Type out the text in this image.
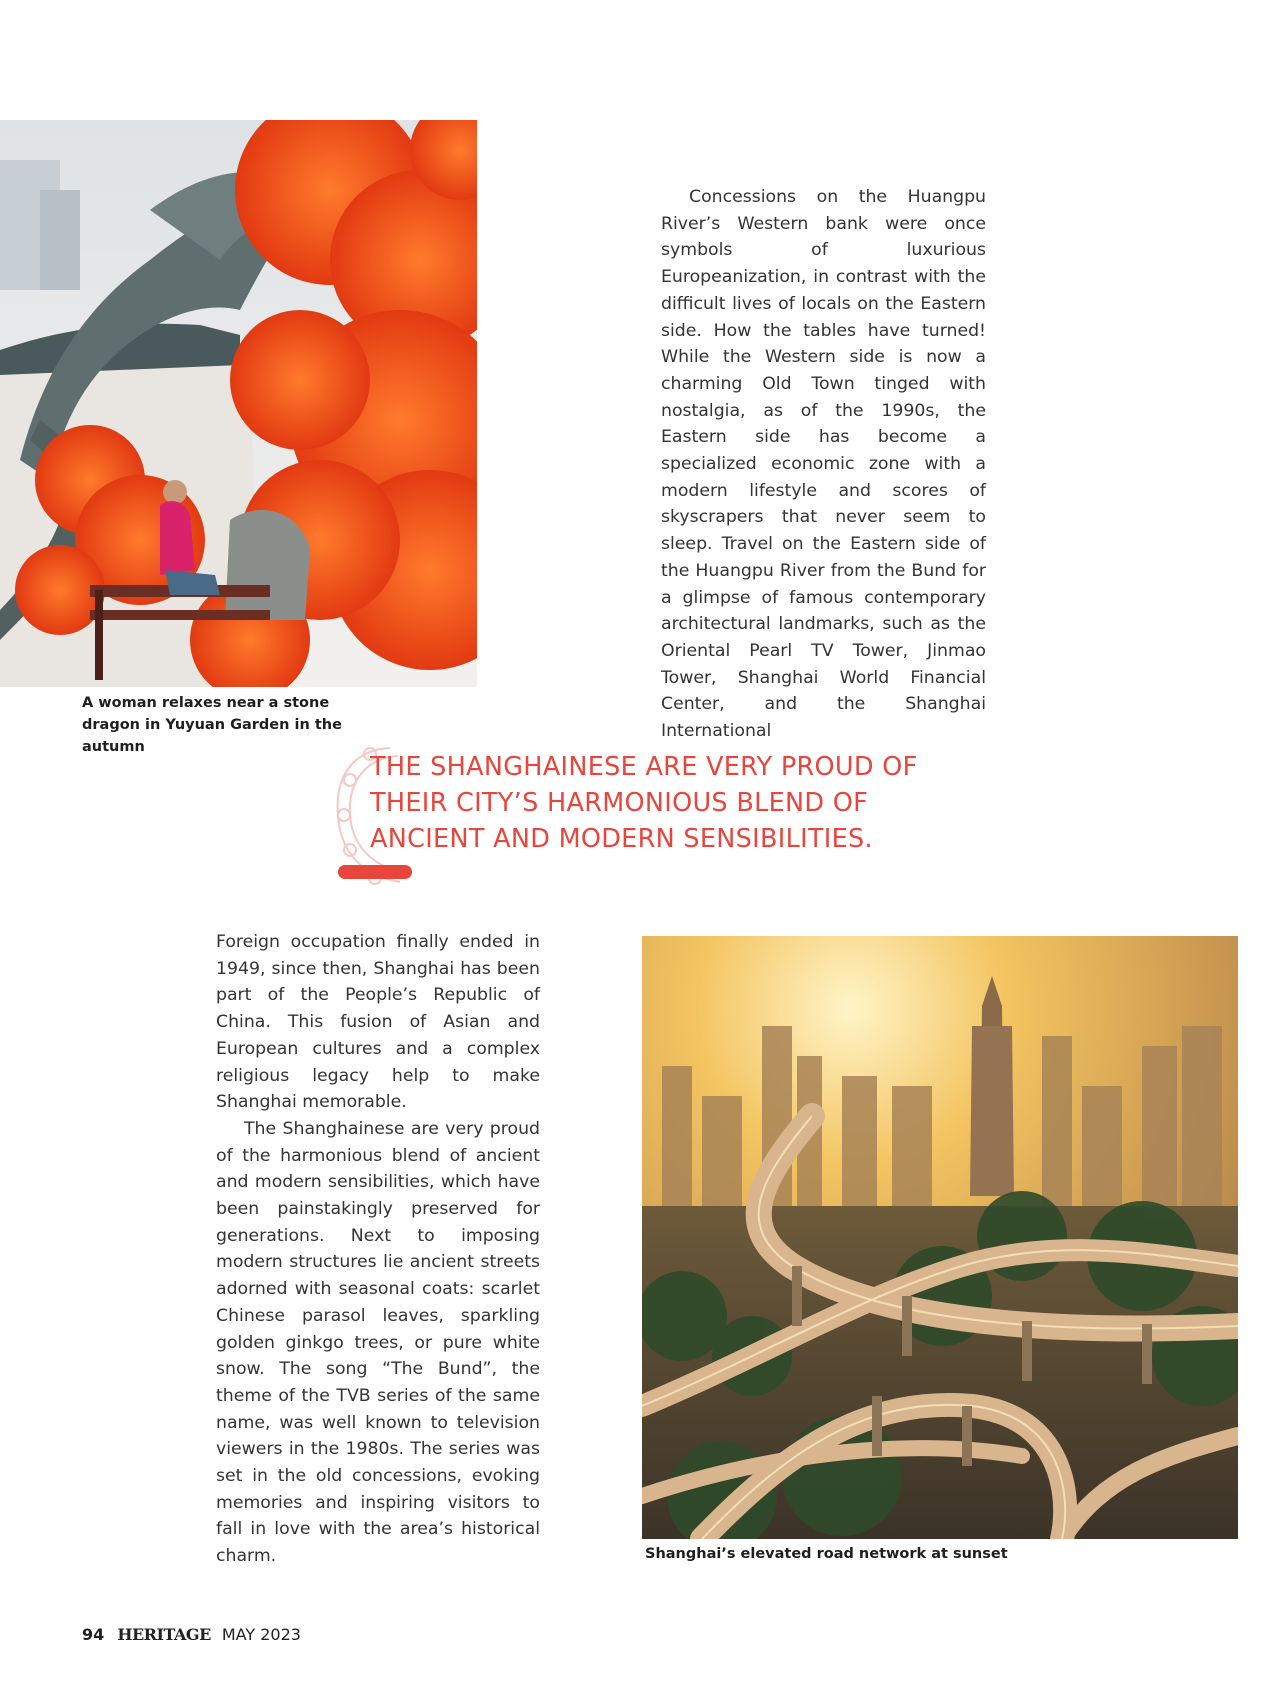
A woman relaxes near a stone dragon in Yuyuan Garden in the autumn

Concessions on the Huangpu River’s Western bank were once symbols of luxurious Europeanization, in contrast with the difficult lives of locals on the Eastern side. How the tables have turned! While the Western side is now a charming Old Town tinged with nostalgia, as of the 1990s, the Eastern side has become a specialized economic zone with a modern lifestyle and scores of skyscrapers that never seem to sleep. Travel on the Eastern side of the Huangpu River from the Bund for a glimpse of famous contemporary architectural landmarks, such as the Oriental Pearl TV Tower, Jinmao Tower, Shanghai World Financial Center, and the Shanghai International

THE SHANGHAINESE ARE VERY PROUD OF THEIR CITY’S HARMONIOUS BLEND OF ANCIENT AND MODERN SENSIBILITIES.

Foreign occupation finally ended in 1949, since then, Shanghai has been part of the People’s Republic of China. This fusion of Asian and European cultures and a complex religious legacy help to make Shanghai memorable.

The Shanghainese are very proud of the harmonious blend of ancient and modern sensibilities, which have been painstakingly preserved for generations. Next to imposing modern structures lie ancient streets adorned with seasonal coats: scarlet Chinese parasol leaves, sparkling golden ginkgo trees, or pure white snow. The song “The Bund”, the theme of the TVB series of the same name, was well known to television viewers in the 1980s. The series was set in the old concessions, evoking memories and inspiring visitors to fall in love with the area’s historical charm.	Shanghai’s elevated road network at sunset
94 HERITAGE MAY 2023
